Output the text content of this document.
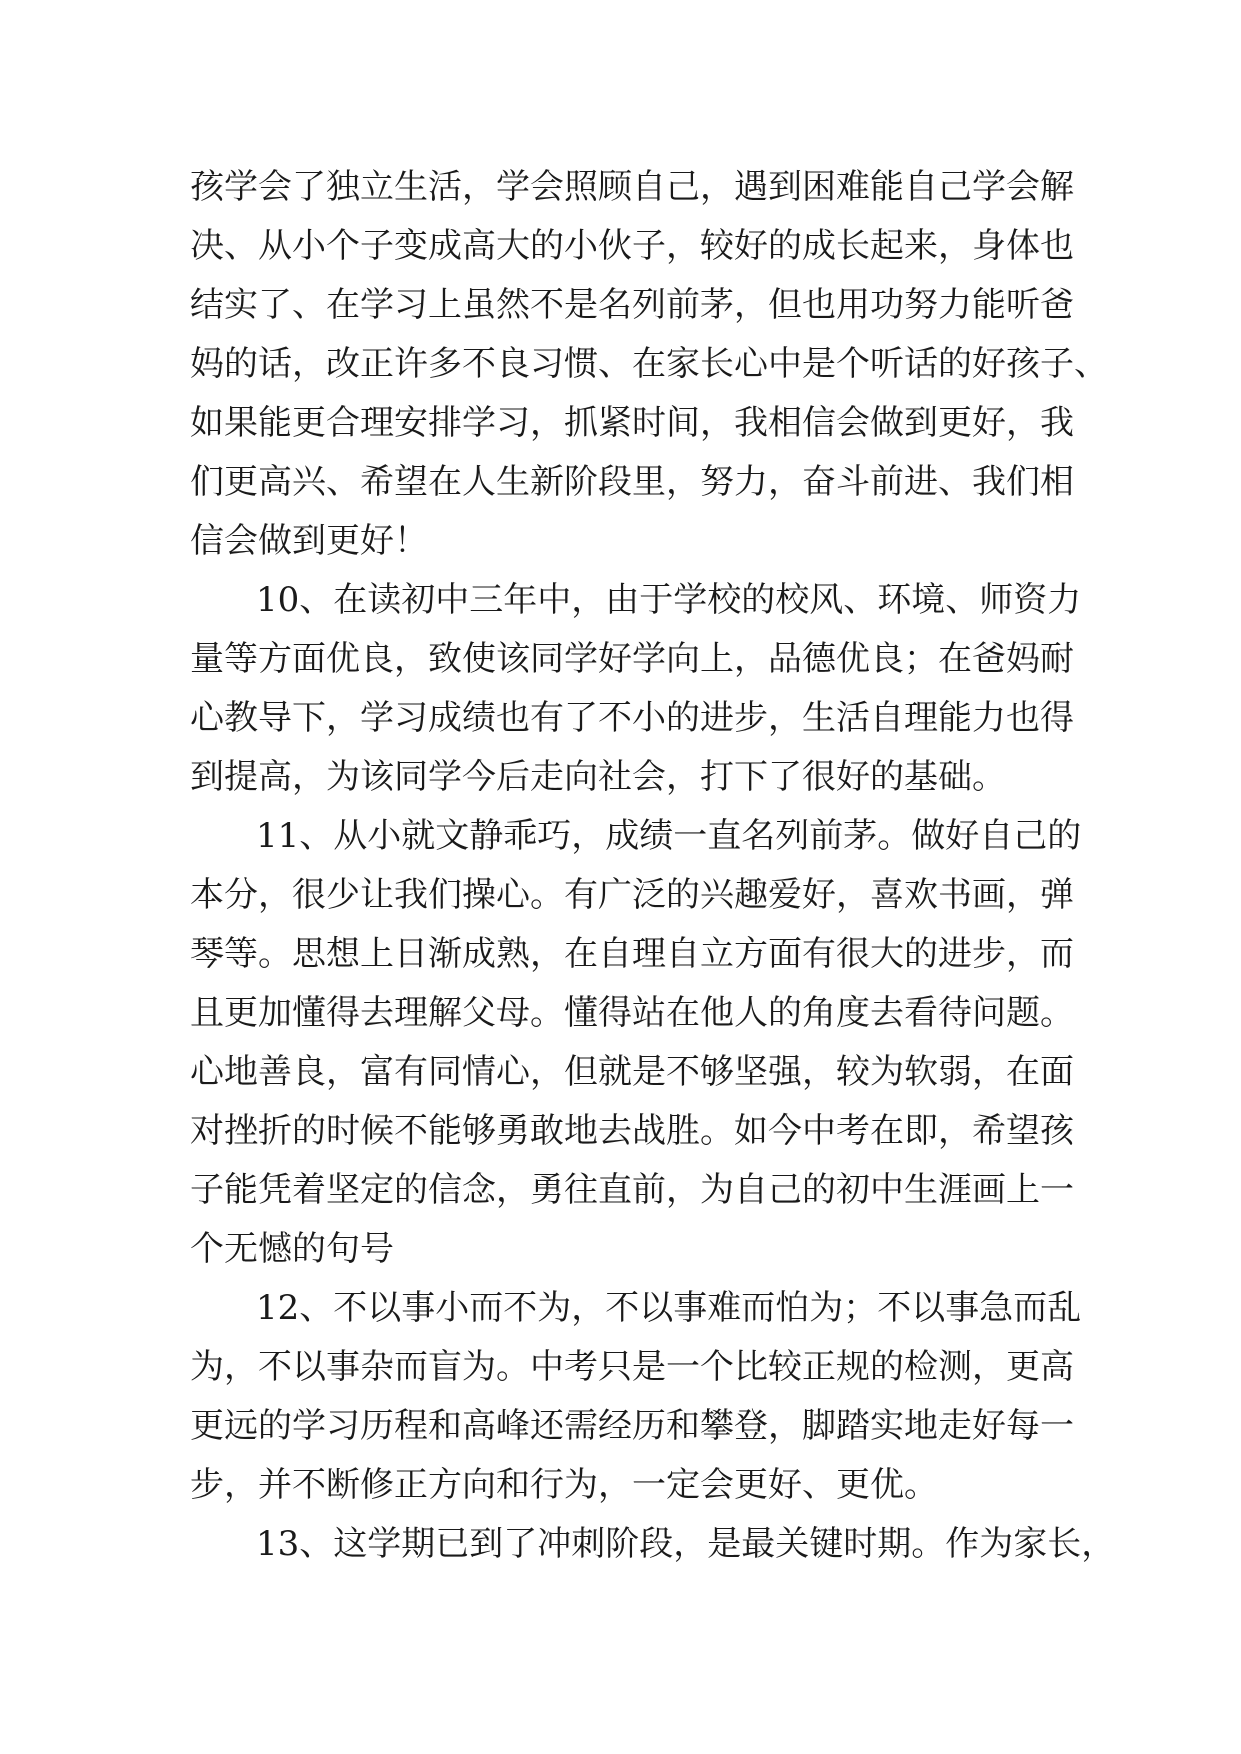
孩学会了独立生活，学会照顾自己，遇到困难能自己学会解
决、从小个子变成高大的小伙子，较好的成长起来，身体也
结实了、在学习上虽然不是名列前茅，但也用功努力能听爸
妈的话，改正许多不良习惯、在家长心中是个听话的好孩子、
如果能更合理安排学习，抓紧时间，我相信会做到更好，我
们更高兴、希望在人生新阶段里，努力，奋斗前进、我们相
信会做到更好！
10、在读初中三年中，由于学校的校风、环境、师资力
量等方面优良，致使该同学好学向上，品德优良；在爸妈耐
心教导下，学习成绩也有了不小的进步，生活自理能力也得
到提高，为该同学今后走向社会，打下了很好的基础。
11、从小就文静乖巧，成绩一直名列前茅。做好自己的
本分，很少让我们操心。有广泛的兴趣爱好，喜欢书画，弹
琴等。思想上日渐成熟，在自理自立方面有很大的进步，而
且更加懂得去理解父母。懂得站在他人的角度去看待问题。
心地善良，富有同情心，但就是不够坚强，较为软弱，在面
对挫折的时候不能够勇敢地去战胜。如今中考在即，希望孩
子能凭着坚定的信念，勇往直前，为自己的初中生涯画上一
个无憾的句号
12、不以事小而不为，不以事难而怕为；不以事急而乱
为，不以事杂而盲为。中考只是一个比较正规的检测，更高
更远的学习历程和高峰还需经历和攀登，脚踏实地走好每一
步，并不断修正方向和行为，一定会更好、更优。
13、这学期已到了冲刺阶段，是最关键时期。作为家长，
